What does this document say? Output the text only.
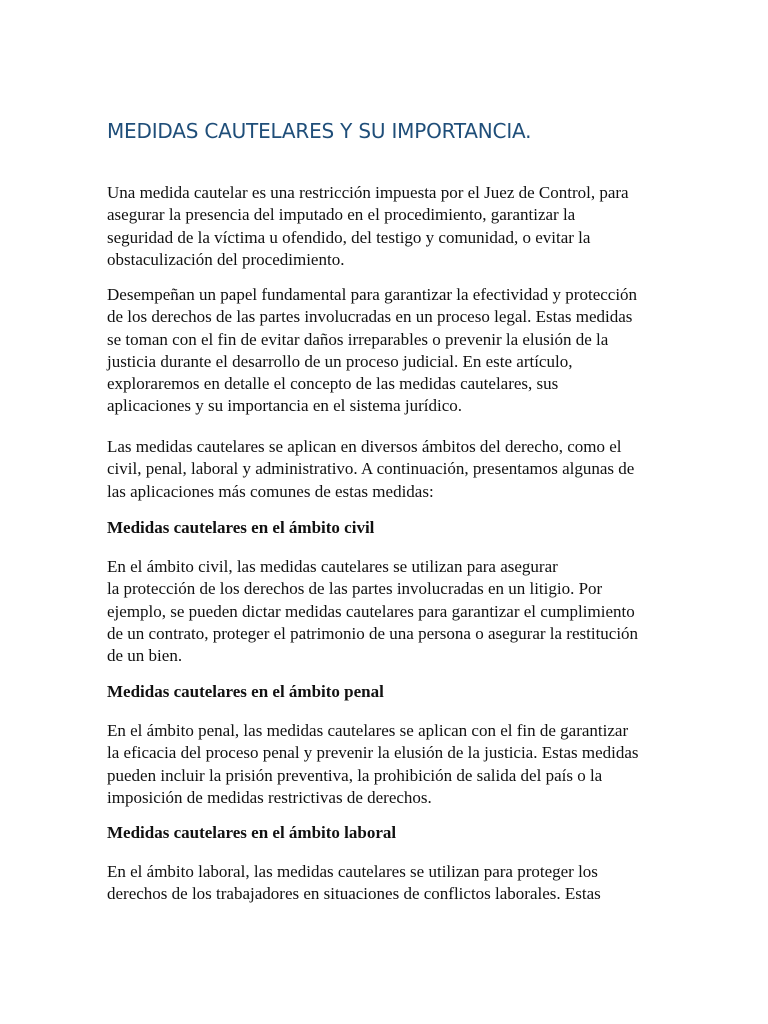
MEDIDAS CAUTELARES Y SU IMPORTANCIA.

Una medida cautelar es una restricción impuesta por el Juez de Control, para
asegurar la presencia del imputado en el procedimiento, garantizar la
seguridad de la víctima u ofendido, del testigo y comunidad, o evitar la
obstaculización del procedimiento.

Desempeñan un papel fundamental para garantizar la efectividad y protección
de los derechos de las partes involucradas en un proceso legal. Estas medidas
se toman con el fin de evitar daños irreparables o prevenir la elusión de la
justicia durante el desarrollo de un proceso judicial. En este artículo,
exploraremos en detalle el concepto de las medidas cautelares, sus
aplicaciones y su importancia en el sistema jurídico.

Las medidas cautelares se aplican en diversos ámbitos del derecho, como el
civil, penal, laboral y administrativo. A continuación, presentamos algunas de
las aplicaciones más comunes de estas medidas:

Medidas cautelares en el ámbito civil

En el ámbito civil, las medidas cautelares se utilizan para asegurar
la protección de los derechos de las partes involucradas en un litigio. Por
ejemplo, se pueden dictar medidas cautelares para garantizar el cumplimiento
de un contrato, proteger el patrimonio de una persona o asegurar la restitución
de un bien.

Medidas cautelares en el ámbito penal

En el ámbito penal, las medidas cautelares se aplican con el fin de garantizar
la eficacia del proceso penal y prevenir la elusión de la justicia. Estas medidas
pueden incluir la prisión preventiva, la prohibición de salida del país o la
imposición de medidas restrictivas de derechos.

Medidas cautelares en el ámbito laboral

En el ámbito laboral, las medidas cautelares se utilizan para proteger los
derechos de los trabajadores en situaciones de conflictos laborales. Estas
